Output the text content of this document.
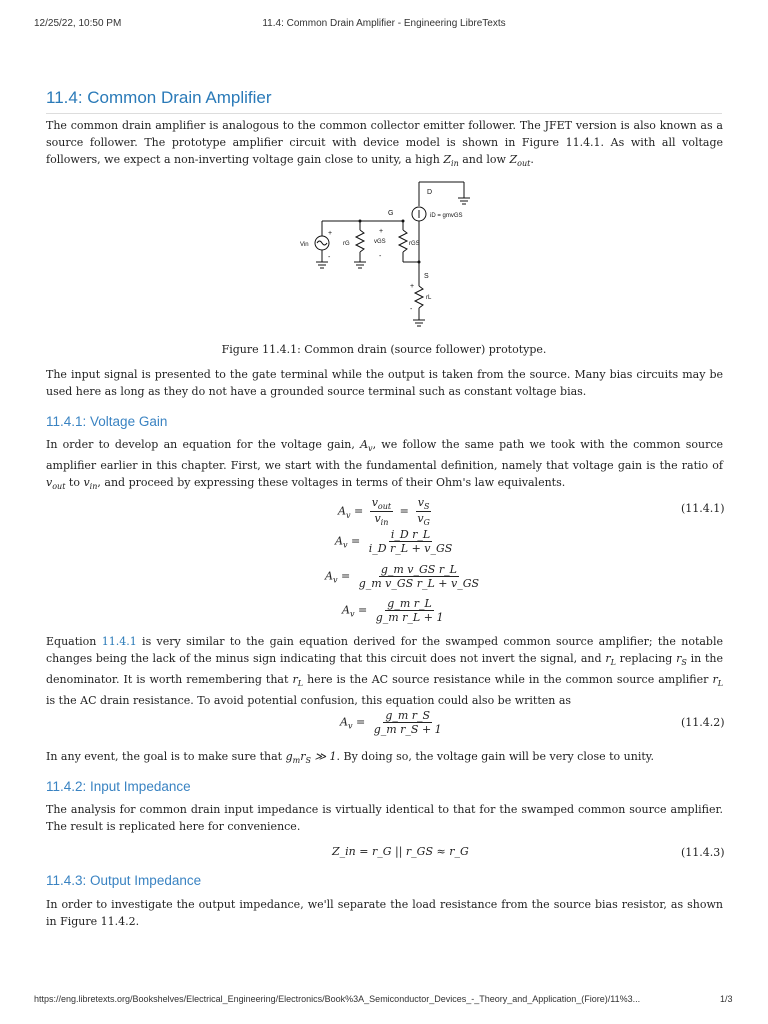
12/25/22, 10:50 PM	11.4: Common Drain Amplifier - Engineering LibreTexts
11.4: Common Drain Amplifier

The common drain amplifier is analogous to the common collector emitter follower. The JFET version is also known as a source follower. The prototype amplifier circuit with device model is shown in Figure 11.4.1. As with all voltage followers, we expect a non-inverting voltage gain close to unity, a high $Z_{in}$ and low $Z_{out}$.

D
G
S
iD = gmvGS
Vin	rG	vGS	rGS
rL
+
-
+
-
+
-
Figure 11.4.1: Common drain (source follower) prototype.

The input signal is presented to the gate terminal while the output is taken from the source. Many bias circuits may be used here as long as they do not have a grounded source terminal such as constant voltage bias.

11.4.1: Voltage Gain

In order to develop an equation for the voltage gain, $A_v$, we follow the same path we took with the common source amplifier earlier in this chapter. First, we start with the fundamental definition, namely that voltage gain is the ratio of $v_{out}$ to $v_{in}$, and proceed by expressing these voltages in terms of their Ohm's law equivalents.

$A_v = \frac{v_{out}}{v_{in}} = \frac{v_S}{v_G}$	(11.4.1)
$A_v = \frac{\text{i\_D r\_L}}{\text{i\_D r\_L + v\_GS}}$
$A_v = \frac{\text{g\_m v\_GS r\_L}}{\text{g\_m v\_GS r\_L + v\_GS}}$
$A_v = \frac{\text{g\_m r\_L}}{\text{g\_m r\_L + 1}}$

Equation 11.4.1 is very similar to the gain equation derived for the swamped common source amplifier; the notable changes being the lack of the minus sign indicating that this circuit does not invert the signal, and $r_L$ replacing $r_S$ in the denominator. It is worth remembering that $r_L$ here is the AC source resistance while in the common source amplifier $r_L$ is the AC drain resistance. To avoid potential confusion, this equation could also be written as

$A_v = \frac{\text{g\_m r\_S}}{\text{g\_m r\_S + 1}}$	(11.4.2)

In any event, the goal is to make sure that $g_mr_S$ ≫ 1. By doing so, the voltage gain will be very close to unity.

11.4.2: Input Impedance

The analysis for common drain input impedance is virtually identical to that for the swamped common source amplifier. The result is replicated here for convenience.

Z_in = r_G || r_GS ≈ r_G	(11.4.3)
11.4.3: Output Impedance

In order to investigate the output impedance, we'll separate the load resistance from the source bias resistor, as shown in Figure 11.4.2.

https://eng.libretexts.org/Bookshelves/Electrical_Engineering/Electronics/Book%3A_Semiconductor_Devices_-_Theory_and_Application_(Fiore)/11%3...	1/3
